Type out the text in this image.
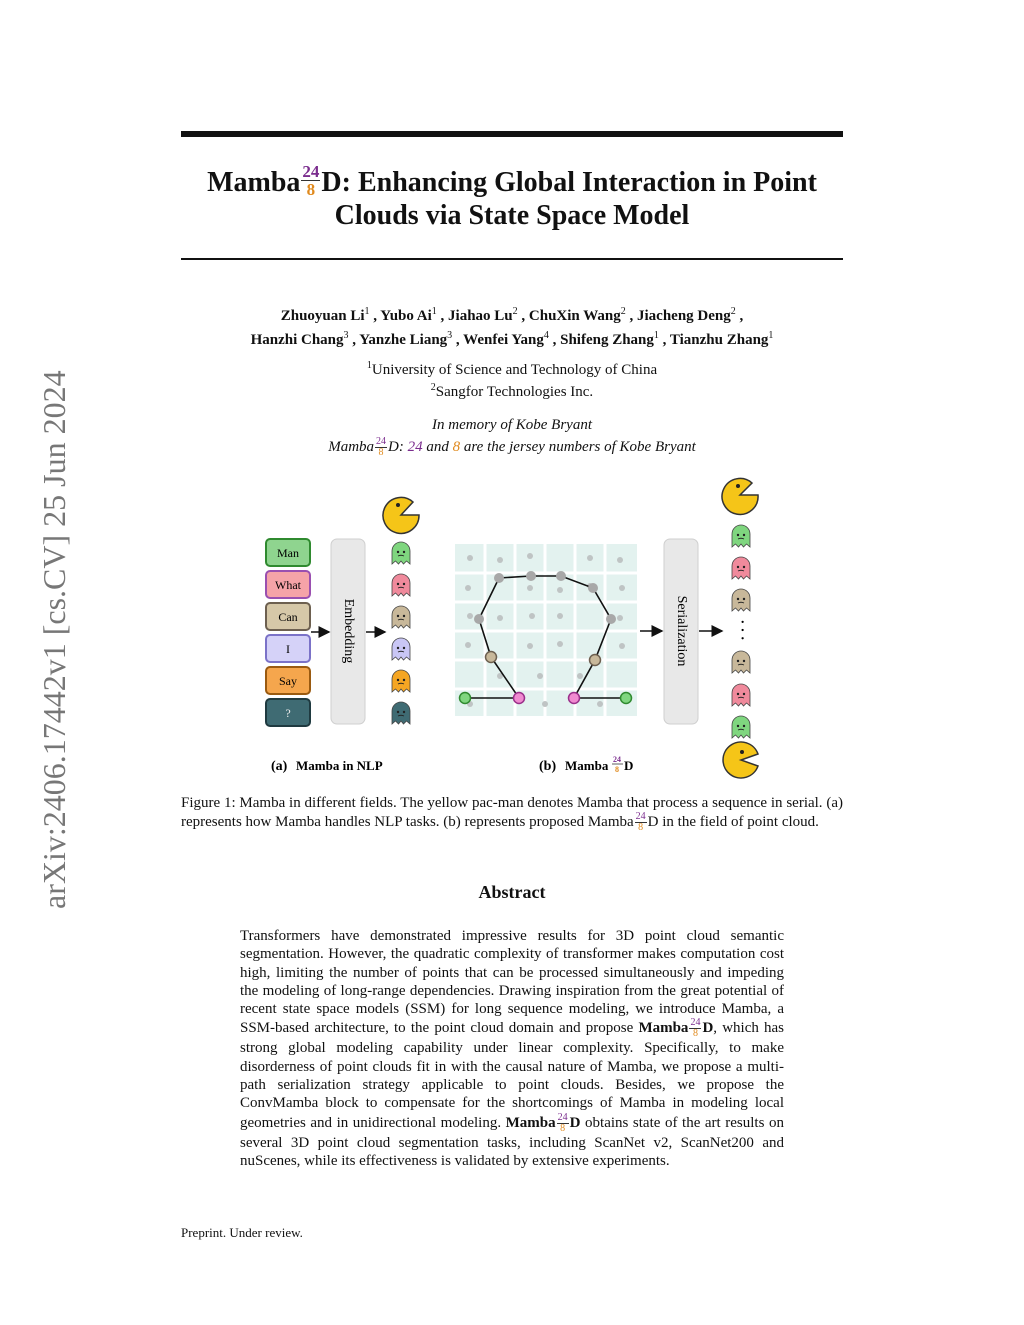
arXiv:2406.17442v1 [cs.CV] 25 Jun 2024
Mamba $\frac{24}{8} D$: Enhancing Global Interaction in Point
Clouds via State Space Model
Zhuoyuan Li$^1$ , Yubo Ai$^1$ , Jiahao Lu$^2$ , ChuXin Wang$^2$ , Jiacheng Deng$^2$ ,
Hanzhi Chang$^3$ , Yanzhe Liang$^3$ , Wenfei Yang$^4$ , Shifeng Zhang$^1$ , Tianzhu Zhang$^1$
$^1$University of Science and Technology of China
$^2$Sangfor Technologies Inc.
In memory of Kobe Bryant
Mamba $\frac{24}{8} D$: 24 and 8 are the jersey numbers of Kobe Bryant
Man
What
Can
I
Say
?
Embedding	Serialization	· · ·
(a) Mamba in NLP	(b) Mamba 24
8 D
Figure 1: Mamba in different fields. The yellow pac-man denotes Mamba that process a sequence in serial. (a) represents how Mamba handles NLP tasks. (b) represents proposed Mamba $\frac{24}{8}$ D in the field of point cloud.
Abstract
Transformers have demonstrated impressive results for 3D point cloud semantic segmentation. However, the quadratic complexity of transformer makes computation cost high, limiting the number of points that can be processed simultaneously and impeding the modeling of long-range dependencies. Drawing inspiration from the great potential of recent state space models (SSM) for long sequence modeling, we introduce Mamba, a SSM-based architecture, to the point cloud domain and propose Mamba $\frac{24}{8} D$, which has strong global modeling capability under linear complexity. Specifically, to make disorderness of point clouds fit in with the causal nature of Mamba, we propose a multi-path serialization strategy applicable to point clouds. Besides, we propose the ConvMamba block to compensate for the shortcomings of Mamba in modeling local geometries and in unidirectional modeling. Mamba $\frac{24}{8}$ D obtains state of the art results on several 3D point cloud segmentation tasks, including ScanNet v2, ScanNet200 and nuScenes, while its effectiveness is validated by extensive experiments.
Preprint. Under review.
